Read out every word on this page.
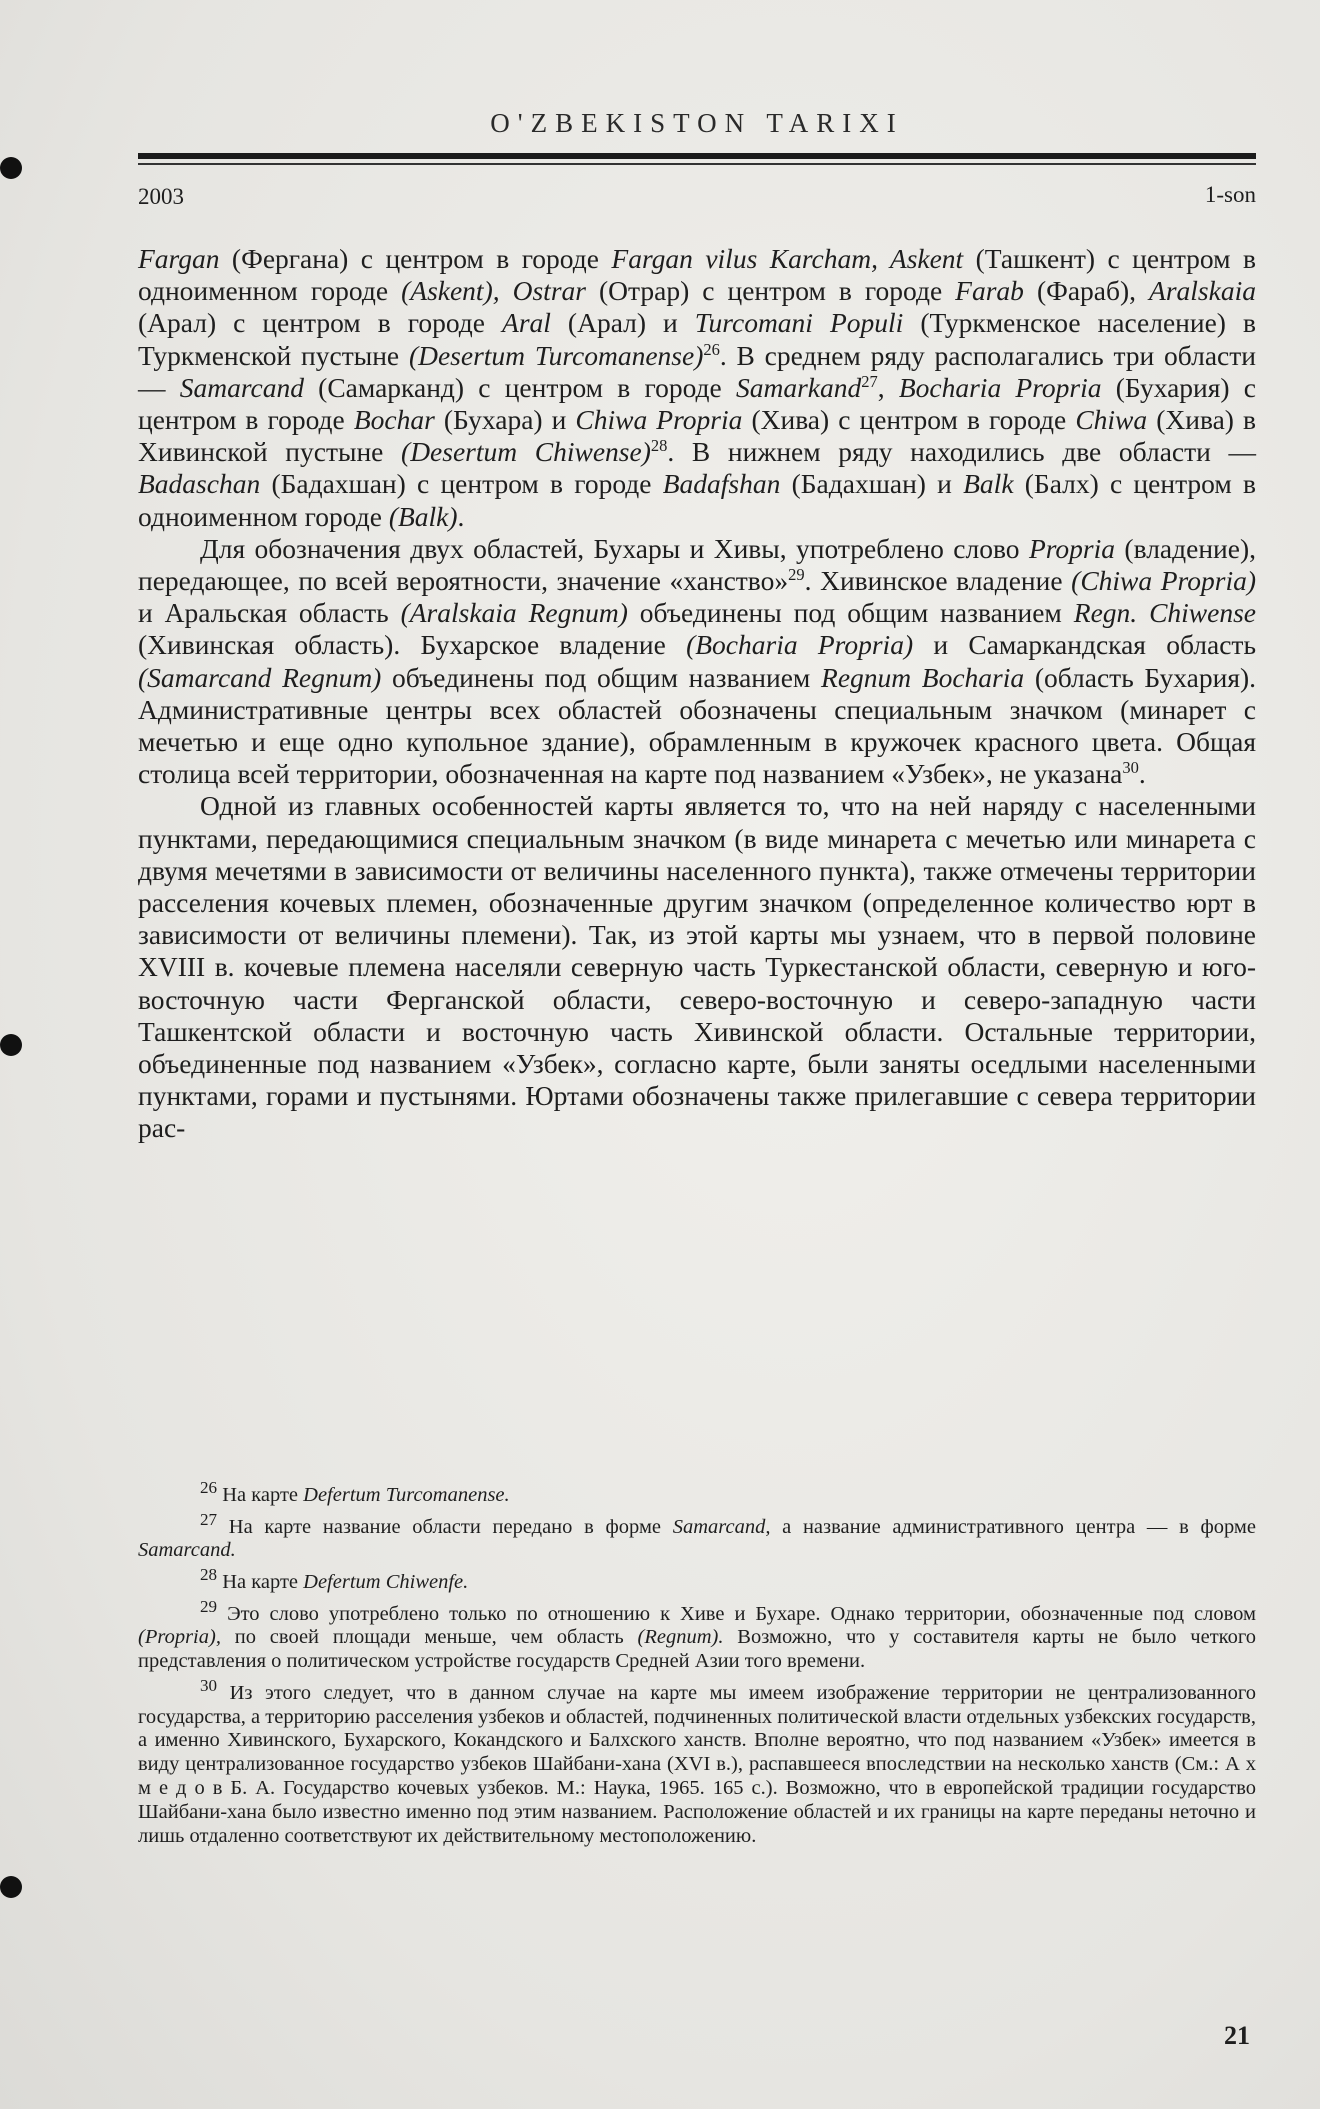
O'ZBEKISTON TARIXI
2003	1-son

Fargan (Фергана) с центром в городе Fargan vilus Karcham, Askent (Ташкент) с центром в одноименном городе (Askent), Ostrar (Отрар) с центром в городе Farab (Фараб), Aralskaia (Арал) с центром в городе Aral (Арал) и Turcomani Populi (Туркменское население) в Туркменской пустыне (Desertum Turcomanense)$^{26}$. В среднем ряду располагались три области — Samarcand (Самарканд) с центром в городе Samarkand$^{27}$, Bocharia Propria (Бухария) с центром в городе Bochar (Бухара) и Chiwa Propria (Хива) с центром в городе Chiwa (Хива) в Хивинской пустыне (Desertum Chiwense)$^{28}$. В нижнем ряду находились две области — Badaschan (Бадахшан) с центром в городе Badafshan (Бадахшан) и Balk (Балх) с центром в одноименном городе (Balk).

Для обозначения двух областей, Бухары и Хивы, употреблено слово Propria (владение), передающее, по всей вероятности, значение «ханство»$^{29}$. Хивинское владение (Chiwa Propria) и Аральская область (Aralskaia Regnum) объединены под общим названием Regn. Chiwense (Хивинская область). Бухарское владение (Bocharia Propria) и Самаркандская область (Samarcand Regnum) объединены под общим названием Regnum Bocharia (область Бухария). Административные центры всех областей обозначены специальным значком (минарет с мечетью и еще одно купольное здание), обрамленным в кружочек красного цвета. Общая столица всей территории, обозначенная на карте под названием «Узбек», не указана$^{30}$.

Одной из главных особенностей карты является то, что на ней наряду с населенными пунктами, передающимися специальным значком (в виде минарета с мечетью или минарета с двумя мечетями в зависимости от величины населенного пункта), также отмечены территории расселения кочевых племен, обозначенные другим значком (определенное количество юрт в зависимости от величины племени). Так, из этой карты мы узнаем, что в первой половине XVIII в. кочевые племена населяли северную часть Туркестанской области, северную и юго-восточную части Ферганской области, северо-восточную и северо-западную части Ташкентской области и восточную часть Хивинской области. Остальные территории, объединенные под названием «Узбек», согласно карте, были заняты оседлыми населенными пунктами, горами и пустынями. Юртами обозначены также прилегавшие с севера территории рас-

$^{26}$ На карте Defertum Turcomanense.

$^{27}$ На карте название области передано в форме Samarcand, а название административного центра — в форме Samarcand.

$^{28}$ На карте Defertum Chiwenfe.

$^{29}$ Это слово употреблено только по отношению к Хиве и Бухаре. Однако территории, обозначенные под словом (Propria), по своей площади меньше, чем область (Regnum). Возможно, что у составителя карты не было четкого представления о политическом устройстве государств Средней Азии того времени.

$^{30}$ Из этого следует, что в данном случае на карте мы имеем изображение территории не централизованного государства, а территорию расселения узбеков и областей, подчиненных политической власти отдельных узбекских государств, а именно Хивинского, Бухарского, Кокандского и Балхского ханств. Вполне вероятно, что под названием «Узбек» имеется в виду централизованное государство узбеков Шайбани-хана (XVI в.), распавшееся впоследствии на несколько ханств (См.: А х м е д о в Б. А. Государство кочевых узбеков. М.: Наука, 1965. 165 с.). Возможно, что в европейской традиции государство Шайбани-хана было известно именно под этим названием. Расположение областей и их границы на карте переданы неточно и лишь отдаленно соответствуют их действительному местоположению.

21
